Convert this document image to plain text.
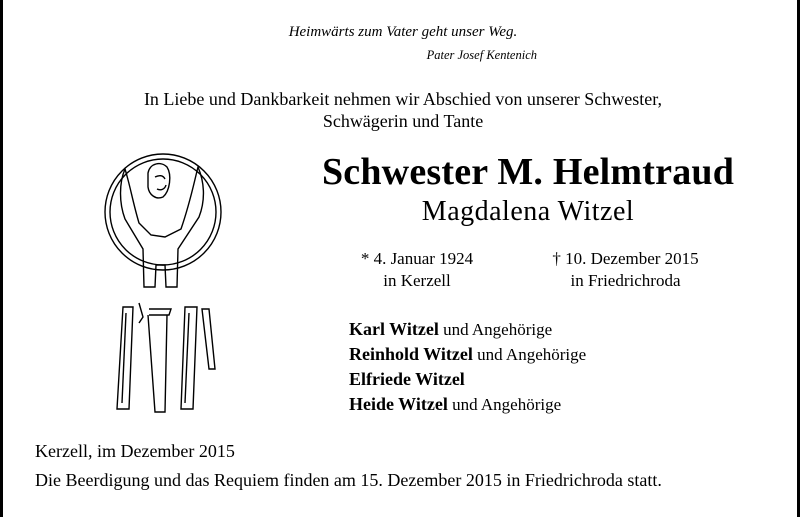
Heimwärts zum Vater geht unser Weg.
Pater Josef Kentenich
In Liebe und Dankbarkeit nehmen wir Abschied von unserer Schwester,
Schwägerin und Tante
Schwester M. Helmtraud
Magdalena Witzel
* 4. Januar 1924
in Kerzell
† 10. Dezember 2015
in Friedrichroda
Karl Witzel und Angehörige
Reinhold Witzel und Angehörige
Elfriede Witzel
Heide Witzel und Angehörige
Kerzell, im Dezember 2015
Die Beerdigung und das Requiem finden am 15. Dezember 2015 in Friedrichroda statt.
